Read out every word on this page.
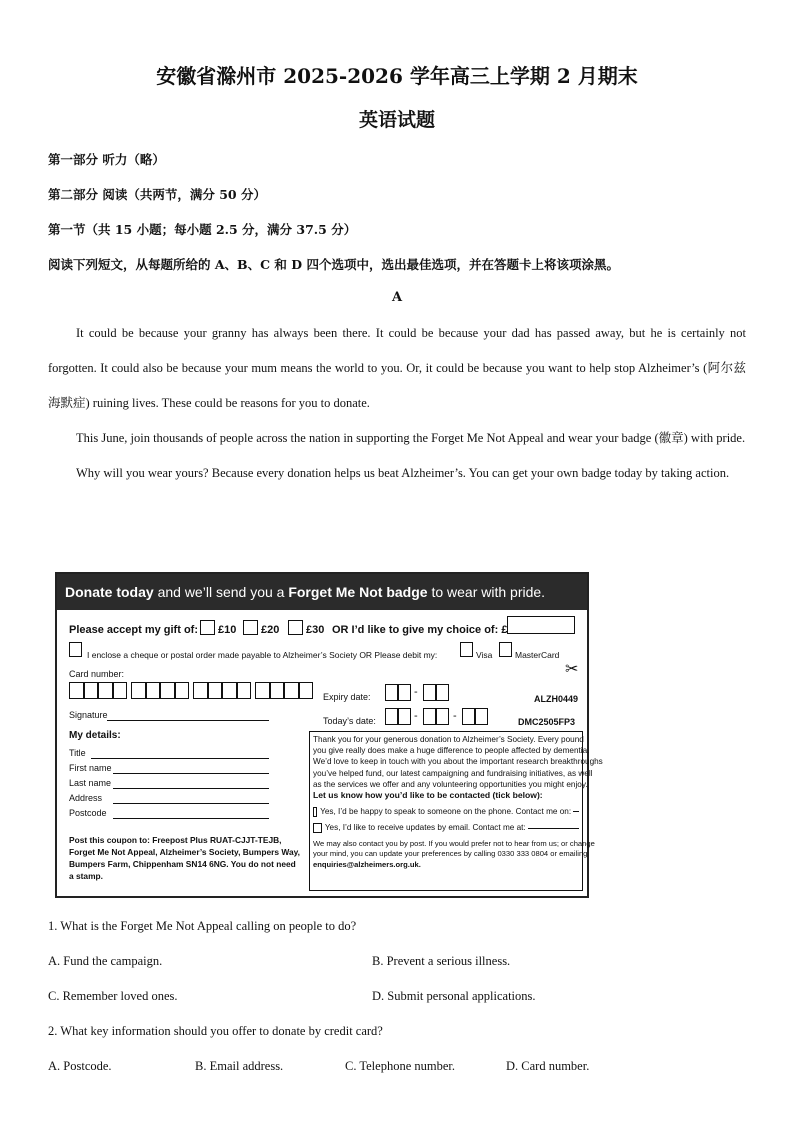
安徽省滁州市 2025-2026 学年高三上学期 2 月期末
英语试题
第一部分 听力（略）
第二部分 阅读（共两节，满分 50 分）
第一节（共 15 小题；每小题 2.5 分，满分 37.5 分）
阅读下列短文，从每题所给的 A、B、C 和 D 四个选项中，选出最佳选项，并在答题卡上将该项涂黑。
A

It could be because your granny has always been there. It could be because your dad has passed away, but he is certainly not forgotten. It could also be because your mum means the world to you. Or, it could be because you want to help stop Alzheimer’s (阿尔兹海默症) ruining lives. These could be reasons for you to donate.

This June, join thousands of people across the nation in supporting the Forget Me Not Appeal and wear your badge (徽章) with pride.

Why will you wear yours? Because every donation helps us beat Alzheimer’s. You can get your own badge today by taking action.

Donate today and we’ll send you a Forget Me Not badge to wear with pride.
Please accept my gift of: £10 £20 £30 OR I’d like to give my choice of: £
I enclose a cheque or postal order made payable to Alzheimer’s Society OR Please debit my:	Visa	MasterCard
✂
Card number:
Expiry date:	-
ALZH0449
Signature
Today’s date:	-	-	DMC2505FP3
My details:
Title
First name
Last name
Address
Postcode
Post this coupon to: Freepost Plus RUAT-CJJT-TEJB,
Forget Me Not Appeal, Alzheimer’s Society, Bumpers Way,
Bumpers Farm, Chippenham SN14 6NG. You do not need
a stamp.
Thank you for your generous donation to Alzheimer’s Society. Every pound
you give really does make a huge difference to people affected by dementia.
We’d love to keep in touch with you about the important research breakthroughs
you’ve helped fund, our latest campaigning and fundraising initiatives, as well
as the services we offer and any volunteering opportunities you might enjoy.
Let us know how you’d like to be contacted (tick below):
Yes, I’d be happy to speak to someone on the phone. Contact me on:
Yes, I’d like to receive updates by email. Contact me at:
We may also contact you by post. If you would prefer not to hear from us; or change
your mind, you can update your preferences by calling 0330 333 0804 or emailing
enquiries@alzheimers.org.uk.
1. What is the Forget Me Not Appeal calling on people to do?
A. Fund the campaign.	B. Prevent a serious illness.
C. Remember loved ones.	D. Submit personal applications.
2. What key information should you offer to donate by credit card?
A. Postcode.	B. Email address.	C. Telephone number.	D. Card number.
